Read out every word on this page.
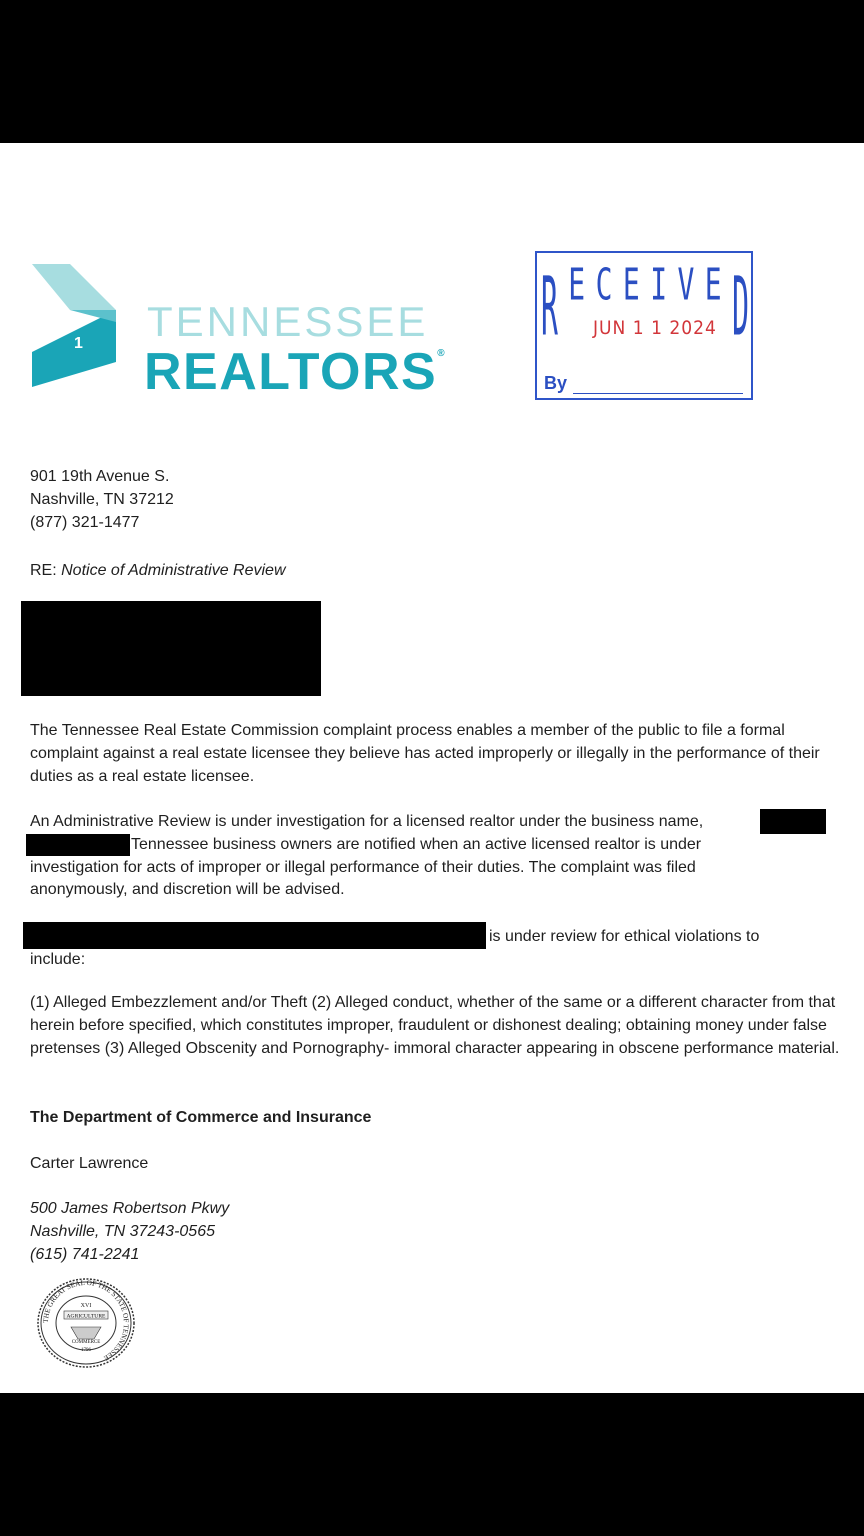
1 TENNESSEE
REALTORS®	R E C E I V E D
JUN 1 1 2024
By
901 19th Avenue S.
Nashville, TN 37212
(877) 321-1477
RE: Notice of Administrative Review
The Tennessee Real Estate Commission complaint process enables a member of the public to file a formal complaint against a real estate licensee they believe has acted improperly or illegally in the performance of their duties as a real estate licensee.
An Administrative Review is under investigation for a licensed realtor under the business name,
Tennessee business owners are notified when an active licensed realtor is under
investigation for acts of improper or illegal performance of their duties. The complaint was filed
anonymously, and discretion will be advised.
is under review for ethical violations to
include:
(1) Alleged Embezzlement and/or Theft (2) Alleged conduct, whether of the same or a different character from that herein before specified, which constitutes improper, fraudulent or dishonest dealing; obtaining money under false pretenses (3) Alleged Obscenity and Pornography- immoral character appearing in obscene performance material.
The Department of Commerce and Insurance
Carter Lawrence
500 James Robertson Pkwy
Nashville, TN 37243-0565
(615) 741-2241
THE GREAT SEAL OF THE STATE OF TENNESSEE
XVI
AGRICULTURE
COMMERCE
1796
